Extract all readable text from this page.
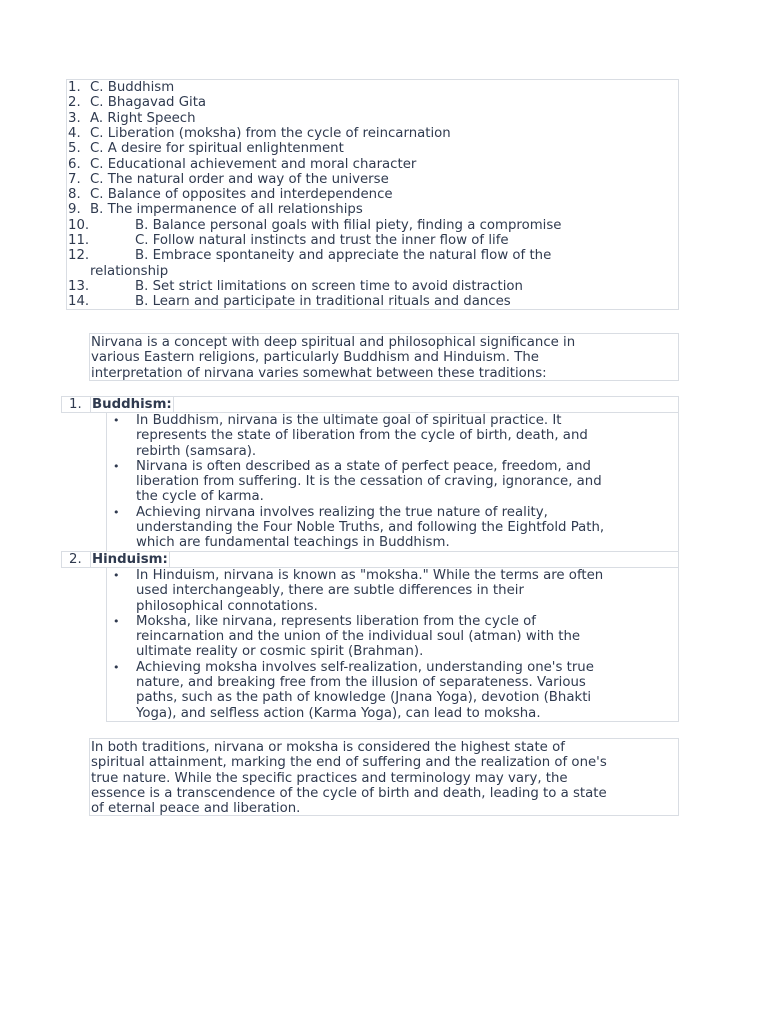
1. C. Buddhism
2. C. Bhagavad Gita
3. A. Right Speech
4. C. Liberation (moksha) from the cycle of reincarnation
5. C. A desire for spiritual enlightenment
6. C. Educational achievement and moral character
7. C. The natural order and way of the universe
8. C. Balance of opposites and interdependence
9. B. The impermanence of all relationships
10.	B. Balance personal goals with filial piety, finding a compromise
11.	C. Follow natural instincts and trust the inner flow of life
12.	B. Embrace spontaneity and appreciate the natural flow of the
relationship
13.	B. Set strict limitations on screen time to avoid distraction
14.	B. Learn and participate in traditional rituals and dances
Nirvana is a concept with deep spiritual and philosophical significance in
various Eastern religions, particularly Buddhism and Hinduism. The
interpretation of nirvana varies somewhat between these traditions:
1. Buddhism:
• In Buddhism, nirvana is the ultimate goal of spiritual practice. It
represents the state of liberation from the cycle of birth, death, and
rebirth (samsara).
• Nirvana is often described as a state of perfect peace, freedom, and
liberation from suffering. It is the cessation of craving, ignorance, and
the cycle of karma.
• Achieving nirvana involves realizing the true nature of reality,
understanding the Four Noble Truths, and following the Eightfold Path,
which are fundamental teachings in Buddhism.
2. Hinduism:
• In Hinduism, nirvana is known as "moksha." While the terms are often
used interchangeably, there are subtle differences in their
philosophical connotations.
• Moksha, like nirvana, represents liberation from the cycle of
reincarnation and the union of the individual soul (atman) with the
ultimate reality or cosmic spirit (Brahman).
• Achieving moksha involves self-realization, understanding one's true
nature, and breaking free from the illusion of separateness. Various
paths, such as the path of knowledge (Jnana Yoga), devotion (Bhakti
Yoga), and selfless action (Karma Yoga), can lead to moksha.
In both traditions, nirvana or moksha is considered the highest state of
spiritual attainment, marking the end of suffering and the realization of one's
true nature. While the specific practices and terminology may vary, the
essence is a transcendence of the cycle of birth and death, leading to a state
of eternal peace and liberation.
